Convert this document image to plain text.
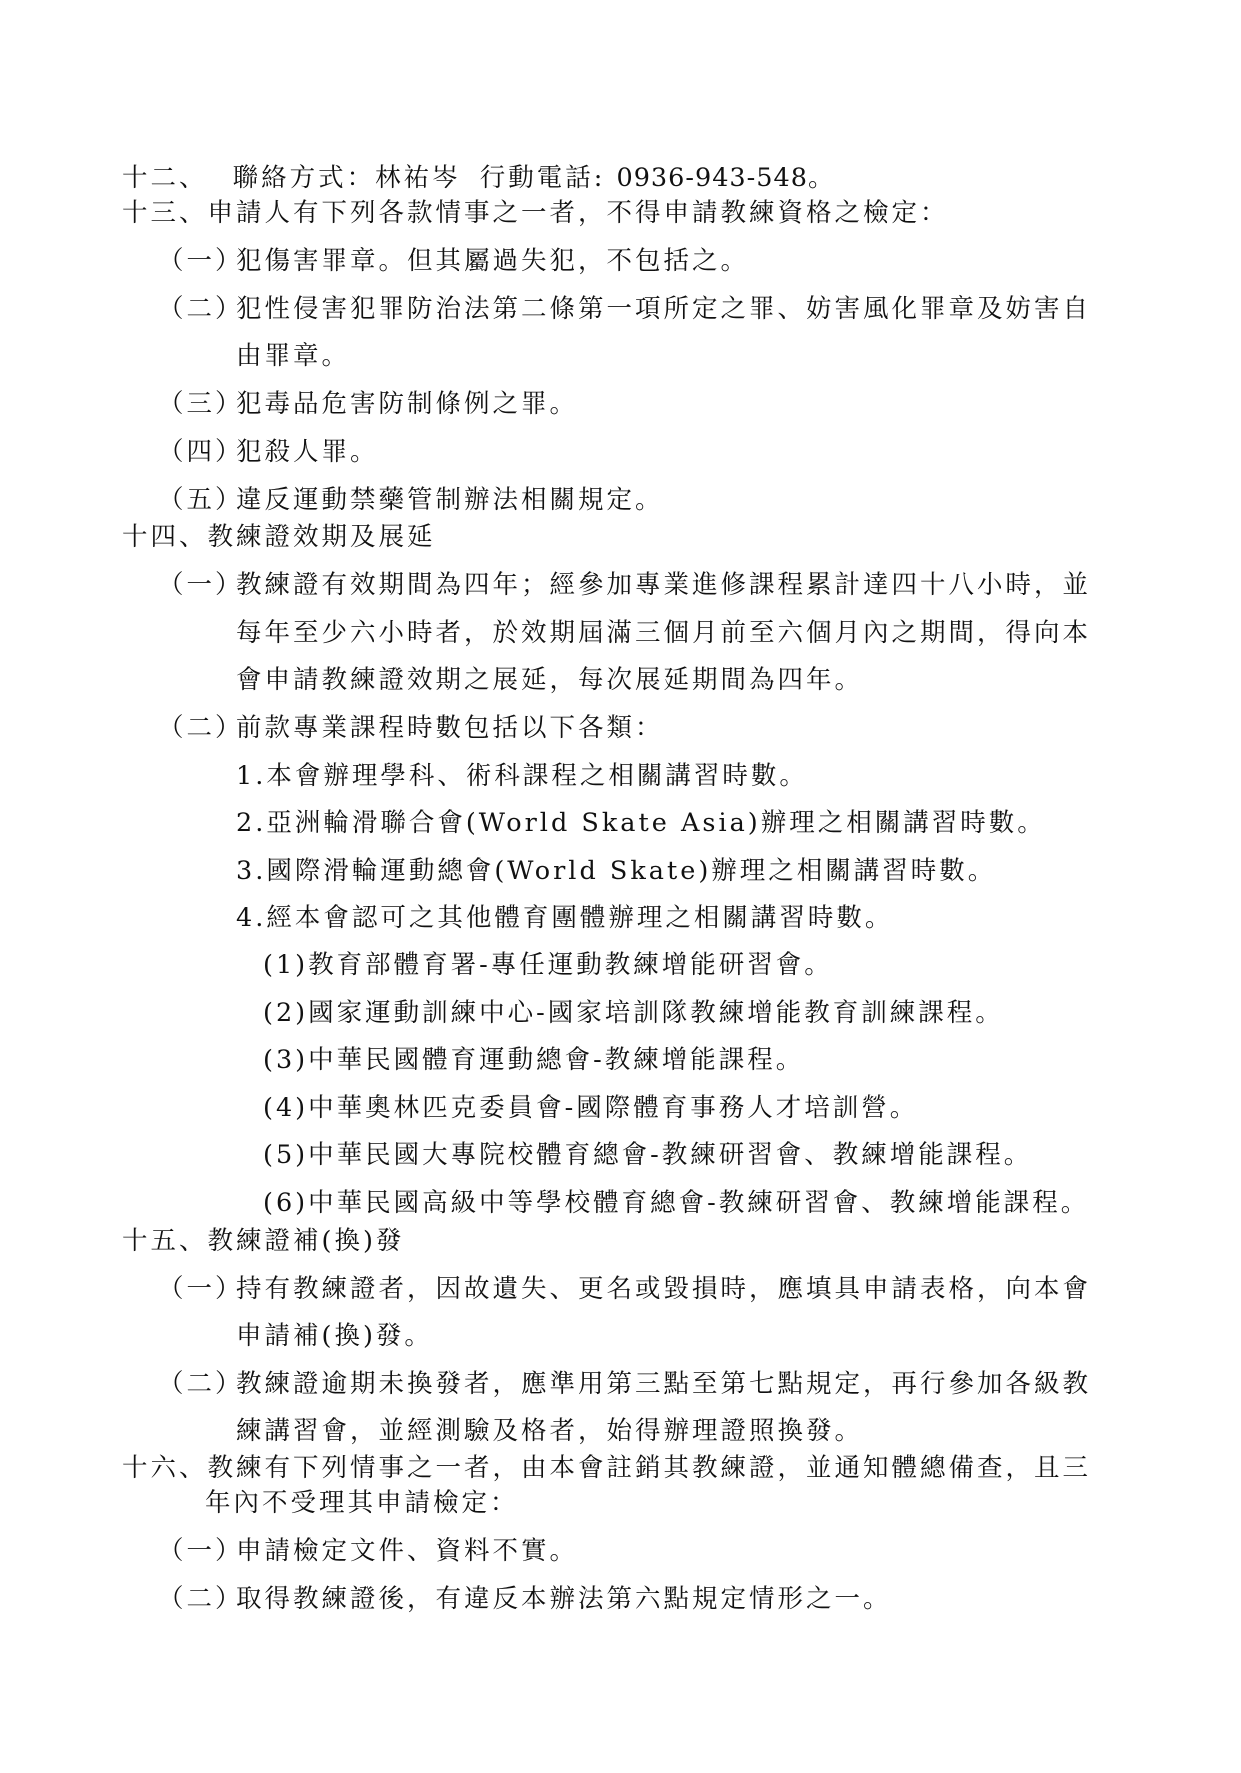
十二、 聯絡方式：林祐岑 行動電話: 0936-943-548。
十三、申請人有下列各款情事之一者，不得申請教練資格之檢定：
（一）
犯傷害罪章。但其屬過失犯，不包括之。
（二）
犯性侵害犯罪防治法第二條第一項所定之罪、妨害風化罪章及妨害自
由罪章。
（三）
犯毒品危害防制條例之罪。
（四）
犯殺人罪。
（五）
違反運動禁藥管制辦法相關規定。
十四、教練證效期及展延
（一）
教練證有效期間為四年；經參加專業進修課程累計達四十八小時，並
每年至少六小時者，於效期屆滿三個月前至六個月內之期間，得向本
會申請教練證效期之展延，每次展延期間為四年。
（二）
前款專業課程時數包括以下各類：
1.本會辦理學科、術科課程之相關講習時數。
2.亞洲輪滑聯合會(World Skate Asia)辦理之相關講習時數。
3.國際滑輪運動總會(World Skate)辦理之相關講習時數。
4.經本會認可之其他體育團體辦理之相關講習時數。
(1)教育部體育署-專任運動教練增能研習會。
(2)國家運動訓練中心-國家培訓隊教練增能教育訓練課程。
(3)中華民國體育運動總會-教練增能課程。
(4)中華奧林匹克委員會-國際體育事務人才培訓營。
(5)中華民國大專院校體育總會-教練研習會、教練增能課程。
(6)中華民國高級中等學校體育總會-教練研習會、教練增能課程。
十五、教練證補(換)發
（一）
持有教練證者，因故遺失、更名或毀損時，應填具申請表格，向本會
申請補(換)發。
（二）
教練證逾期未換發者，應準用第三點至第七點規定，再行參加各級教
練講習會，並經測驗及格者，始得辦理證照換發。
十六、教練有下列情事之一者，由本會註銷其教練證，並通知體總備查，且三
年內不受理其申請檢定：
（一）
申請檢定文件、資料不實。
（二）
取得教練證後，有違反本辦法第六點規定情形之一。
